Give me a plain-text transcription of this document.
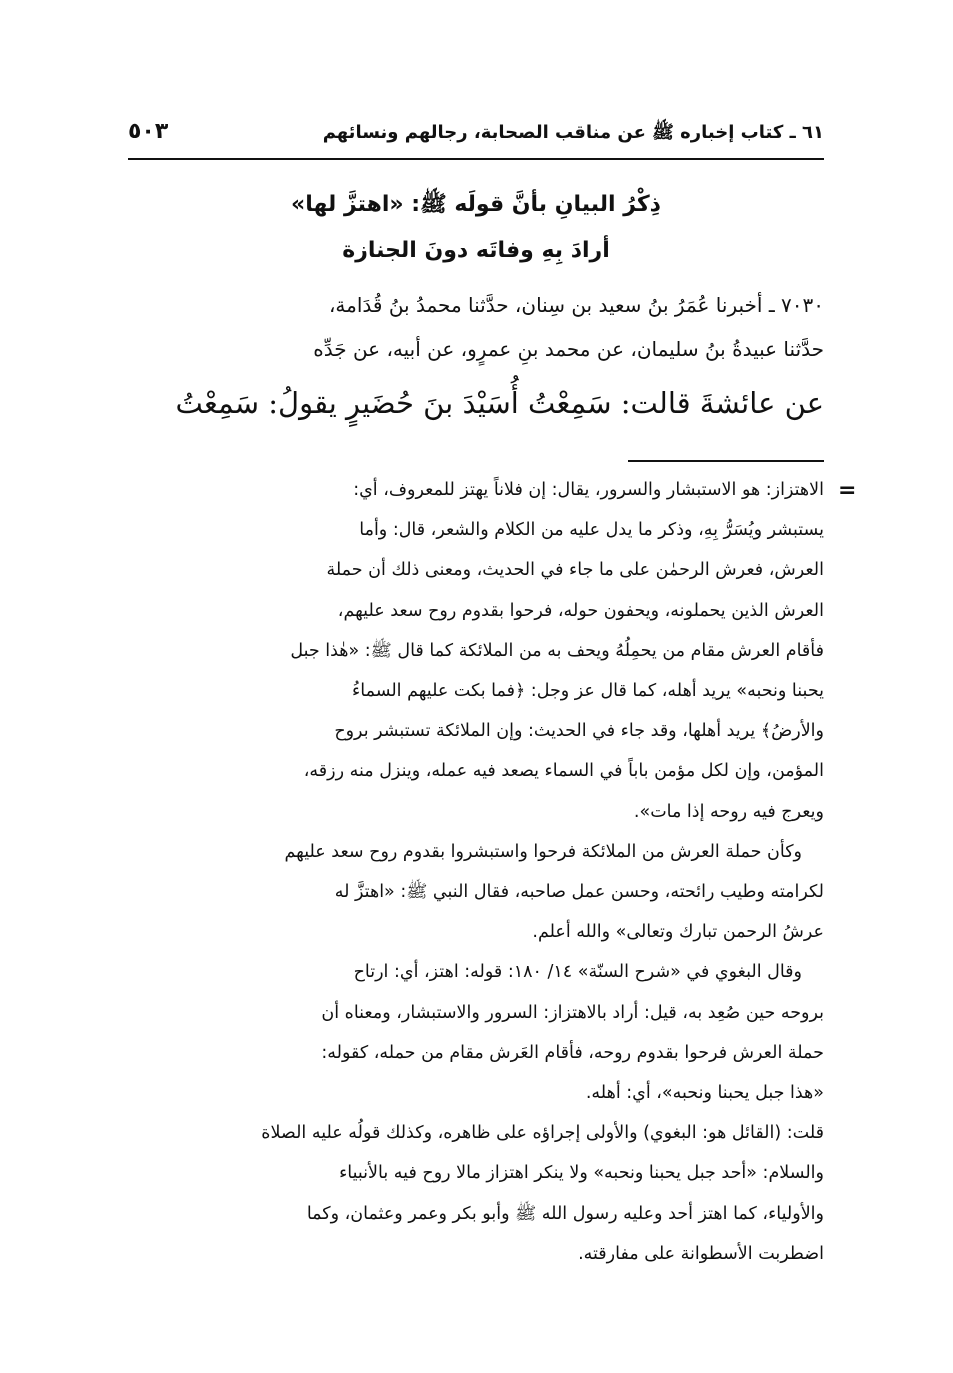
٦١ ـ كتاب إخباره ﷺ عن مناقب الصحابة، رجالهم ونسائهم
٥٠٣
ذِكْرُ البيانِ بأنَّ قولَه ﷺ: «اهتزَّ لها»
أرادَ بِهِ وفاتَه دونَ الجنازة
٧٠٣٠ ـ أخبرنا عُمَرُ بنُ سعيد بن سِنان، حدَّثنا محمدُ بنُ قُدَامة،
حدَّثنا عبيدةُ بنُ سليمان، عن محمد بنِ عمرٍو، عن أبيه، عن جَدِّه
عن عائشةَ قالت: سَمِعْتُ أُسَيْدَ بنَ حُضَيرٍ يقولُ: سَمِعْتُ
=

الاهتزاز: هو الاستبشار والسرور، يقال: إن فلاناً يهتز للمعروف، أي:
يستبشر ويُسَرُّ بِهِ، وذكر ما يدل عليه من الكلام والشعر، قال: وأما
العرش، فعرش الرحمٰن على ما جاء في الحديث، ومعنى ذلك أن حملة
العرش الذين يحملونه، ويحفون حوله، فرحوا بقدوم روح سعد عليهم،
فأقام العرش مقام من يحمِلُهُ ويحف به من الملائكة كما قال ﷺ: «هٰذا جبل
يحبنا ونحبه» يريد أهله، كما قال عز وجل: ﴿فما بكت عليهم السماءُ
والأرضُ﴾ يريد أهلها، وقد جاء في الحديث: وإن الملائكة تستبشر بروح
المؤمن، وإن لكل مؤمن باباً في السماء يصعد فيه عمله، وينزل منه رزقه،
ويعرج فيه روحه إذا مات».

وكأن حملة العرش من الملائكة فرحوا واستبشروا بقدوم روح سعد عليهم
لكرامته وطيب رائحته، وحسن عمل صاحبه، فقال النبي ﷺ: «اهتزَّ له
عرشُ الرحمن تبارك وتعالى» والله أعلم.

وقال البغوي في «شرح السنّة» ١٤/ ١٨٠: قوله: اهتز، أي: ارتاح
بروحه حين صُعِد به، قيل: أراد بالاهتزاز: السرور والاستبشار، ومعناه أن
حملة العرش فرحوا بقدوم روحه، فأقام العَرش مقام من حمله، كقوله:
«هذا جبل يحبنا ونحبه»، أي: أهله.

قلت: (القائل هو: البغوي) والأولى إجراؤه على ظاهره، وكذلك قولُه عليه الصلاة
والسلام: «أحد جبل يحبنا ونحبه» ولا ينكر اهتزاز مالا روح فيه بالأنبياء
والأولياء، كما اهتز أحد وعليه رسول الله ﷺ وأبو بكر وعمر وعثمان، وكما
اضطربت الأسطوانة على مفارقته.
